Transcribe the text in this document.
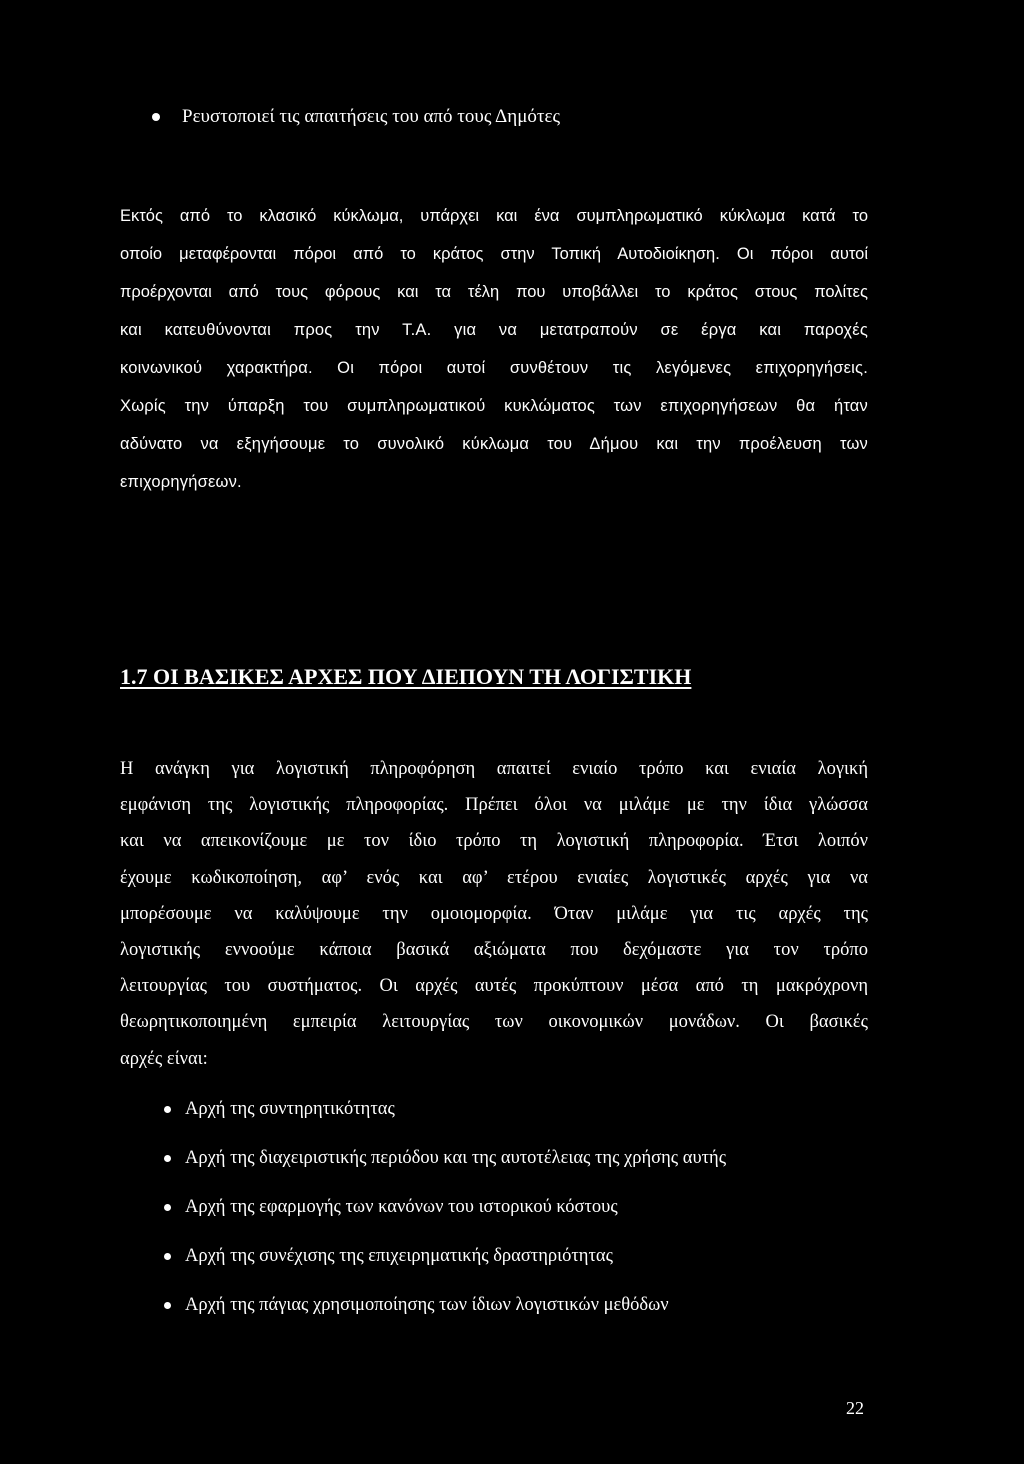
Ρευστοποιεί τις απαιτήσεις του από τους Δημότες

Εκτός από το κλασικό κύκλωμα, υπάρχει και ένα συμπληρωματικό κύκλωμα κατά το
οποίο μεταφέρονται πόροι από το κράτος στην Τοπική Αυτοδιοίκηση. Οι πόροι αυτοί
προέρχονται από τους φόρους και τα τέλη που υποβάλλει το κράτος στους πολίτες
και κατευθύνονται προς την Τ.Α. για να μετατραπούν σε έργα και παροχές
κοινωνικού χαρακτήρα. Οι πόροι αυτοί συνθέτουν τις λεγόμενες επιχορηγήσεις.
Χωρίς την ύπαρξη του συμπληρωματικού κυκλώματος των επιχορηγήσεων θα ήταν
αδύνατο να εξηγήσουμε το συνολικό κύκλωμα του Δήμου και την προέλευση των
επιχορηγήσεων.

1.7 ΟΙ ΒΑΣΙΚΕΣ ΑΡΧΕΣ ΠΟΥ ΔΙΕΠΟΥΝ ΤΗ ΛΟΓΙΣΤΙΚΗ

Η ανάγκη για λογιστική πληροφόρηση απαιτεί ενιαίο τρόπο και ενιαία λογική
εμφάνιση της λογιστικής πληροφορίας. Πρέπει όλοι να μιλάμε με την ίδια γλώσσα
και να απεικονίζουμε με τον ίδιο τρόπο τη λογιστική πληροφορία. Έτσι λοιπόν
έχουμε κωδικοποίηση, αφ’ ενός και αφ’ ετέρου ενιαίες λογιστικές αρχές για να
μπορέσουμε να καλύψουμε την ομοιομορφία. Όταν μιλάμε για τις αρχές της
λογιστικής εννοούμε κάποια βασικά αξιώματα που δεχόμαστε για τον τρόπο
λειτουργίας του συστήματος. Οι αρχές αυτές προκύπτουν μέσα από τη μακρόχρονη
θεωρητικοποιημένη εμπειρία λειτουργίας των οικονομικών μονάδων. Οι βασικές
αρχές είναι:

Αρχή της συντηρητικότητας
Αρχή της διαχειριστικής περιόδου και της αυτοτέλειας της χρήσης αυτής
Αρχή της εφαρμογής των κανόνων του ιστορικού κόστους
Αρχή της συνέχισης της επιχειρηματικής δραστηριότητας
Αρχή της πάγιας χρησιμοποίησης των ίδιων λογιστικών μεθόδων
22
